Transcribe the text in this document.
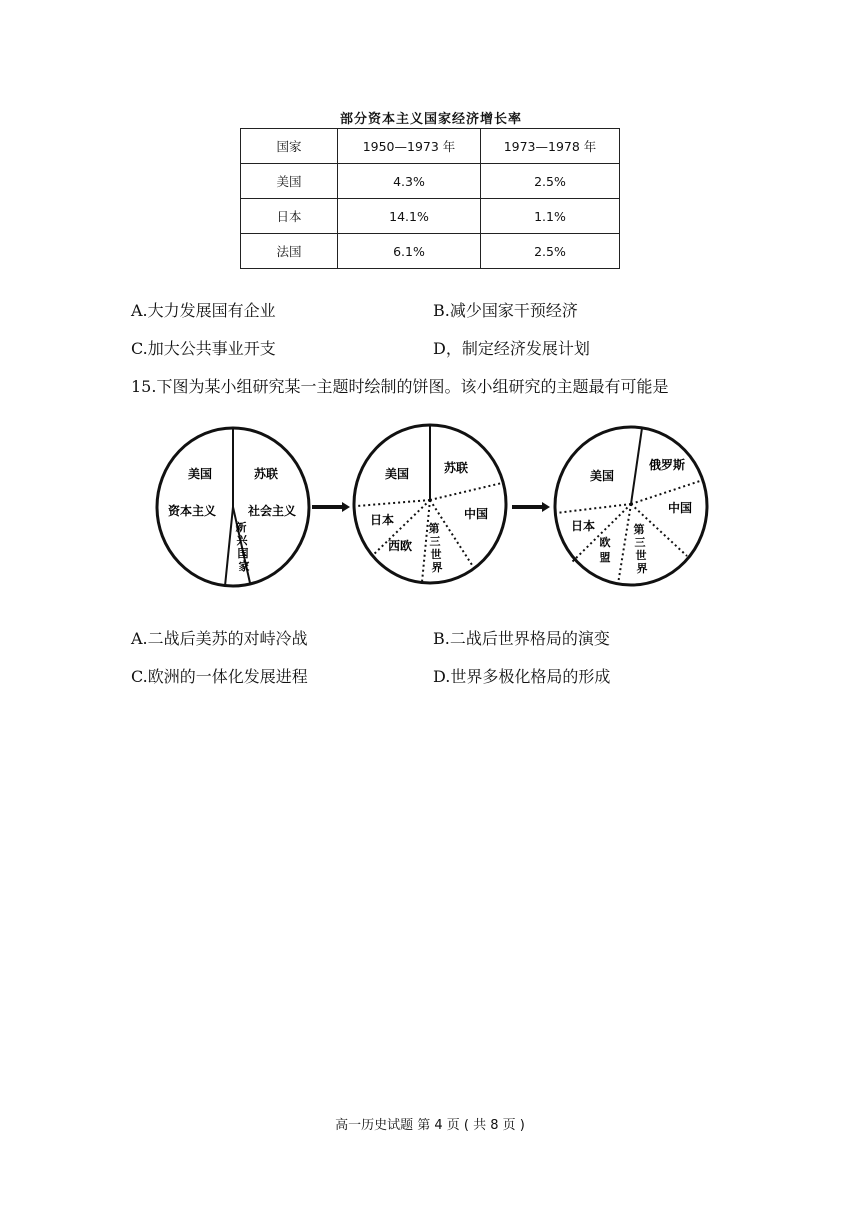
部分资本主义国家经济增长率
国家	1950—1973 年	1973—1978 年
美国	4.3%	2.5%
日本	14.1%	1.1%
法国	6.1%	2.5%
A.大力发展国有企业	B.减少国家干预经济
C.加大公共事业开支	D，制定经济发展计划
15.下图为某小组研究某一主题时绘制的饼图。该小组研究的主题最有可能是
美国	苏联
资本主义	社会主义
新
兴
国
家
美国	苏联
日本	中国
西欧
第
三
世
界
美国
俄罗斯
日本
中国
欧
盟
第
三
世
界
A.二战后美苏的对峙冷战	B.二战后世界格局的演变
C.欧洲的一体化发展进程	D.世界多极化格局的形成
高一历史试题 第 4 页 ( 共 8 页 )
